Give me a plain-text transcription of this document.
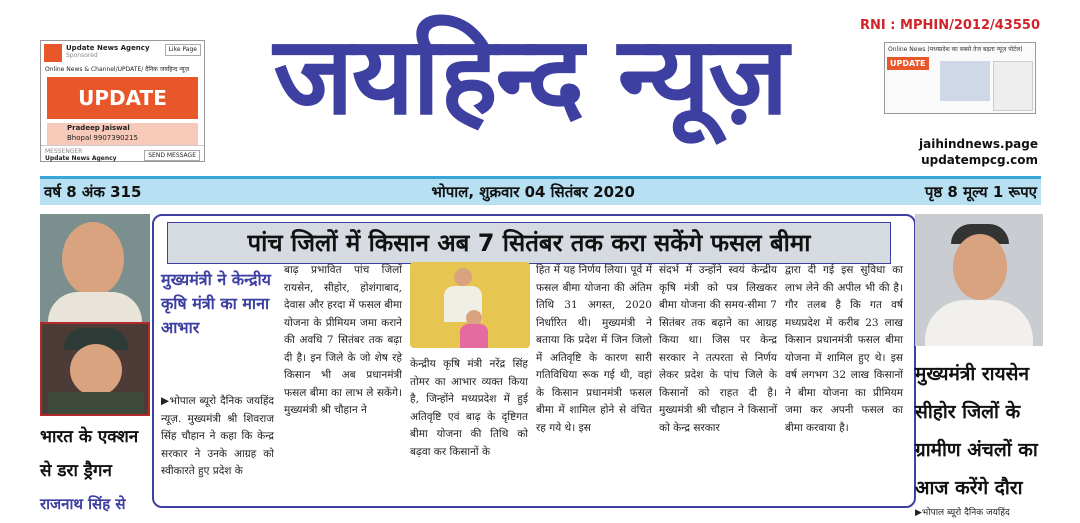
Update News Agency
Sponsored
Like Page
Online News & Channel/UPDATE/ दैनिक जयहिन्द न्यूज़
UPDATE
Pradeep Jaiswal
Bhopal 9907390215
MESSENGER
Update News Agency	SEND MESSAGE
जयहिन्द न्यूज़	RNI : MPHIN/2012/43550
Online News (मध्यप्रदेश का सबसे तेज बढ़ता न्यूज़ पोर्टल)
UPDATE
jaihindnews.page
updatempcg.com
वर्ष 8 अंक 315	भोपाल, शुक्रवार 04 सितंबर 2020	पृष्ठ 8 मूल्य 1 रूपए
भारत के एक्शन
से डरा ड्रैगन
राजनाथ सिंह से
पांच जिलों में किसान अब 7 सितंबर तक करा सकेंगे फसल बीमा
मुख्यमंत्री ने केन्द्रीय कृषि मंत्री का माना आभार
▶भोपाल ब्यूरो दैनिक जयहिंद न्यूज़. मुख्यमंत्री श्री शिवराज सिंह चौहान ने कहा कि केन्द्र सरकार ने उनके आग्रह को स्वीकारते हुए प्रदेश के
बाढ़ प्रभावित पांच जिलों रायसेन, सीहोर, होशंगाबाद, देवास और हरदा में फसल बीमा योजना के प्रीमियम जमा कराने की अवधि 7 सितंबर तक बढ़ा दी है। इन जिले के जो शेष रहे किसान भी अब प्रधानमंत्री फसल बीमा का लाभ ले सकेंगे। मुख्यमंत्री श्री चौहान ने
केन्द्रीय कृषि मंत्री नरेंद्र सिंह तोमर का आभार व्यक्त किया है, जिन्होंने मध्यप्रदेश में हुई अतिवृष्टि एवं बाढ़ के दृष्टिगत बीमा योजना की तिथि को बढ़वा कर किसानों के
हित में यह निर्णय लिया। पूर्व में फसल बीमा योजना की अंतिम तिथि 31 अगस्त, 2020 निर्धारित थी। मुख्यमंत्री ने बताया कि प्रदेश में जिन जिलो में अतिवृष्टि के कारण सारी गतिविधिया रूक गई थी, वहां के किसान प्रधानमंत्री फसल बीमा में शामिल होने से वंचित रह गये थे। इस
संदर्भ में उन्होंने स्वयं केन्द्रीय कृषि मंत्री को पत्र लिखकर बीमा योजना की समय-सीमा 7 सितंबर तक बढ़ाने का आग्रह किया था। जिस पर केन्द्र सरकार ने तत्परता से निर्णय लेकर प्रदेश के पांच जिले के किसानों को राहत दी है। मुख्यमंत्री श्री चौहान ने किसानों को केन्द्र सरकार
द्वारा दी गई इस सुविधा का लाभ लेने की अपील भी की है। गौर तलब है कि गत वर्ष मध्यप्रदेश में करीब 23 लाख किसान प्रधानमंत्री फसल बीमा योजना में शामिल हुए थे। इस वर्ष लगभग 32 लाख किसानों ने बीमा योजना का प्रीमियम जमा कर अपनी फसल का बीमा करवाया है।
मुख्यमंत्री रायसेन सीहोर जिलों के ग्रामीण अंचलों का आज करेंगे दौरा
▶भोपाल ब्यूरो दैनिक जयहिंद
